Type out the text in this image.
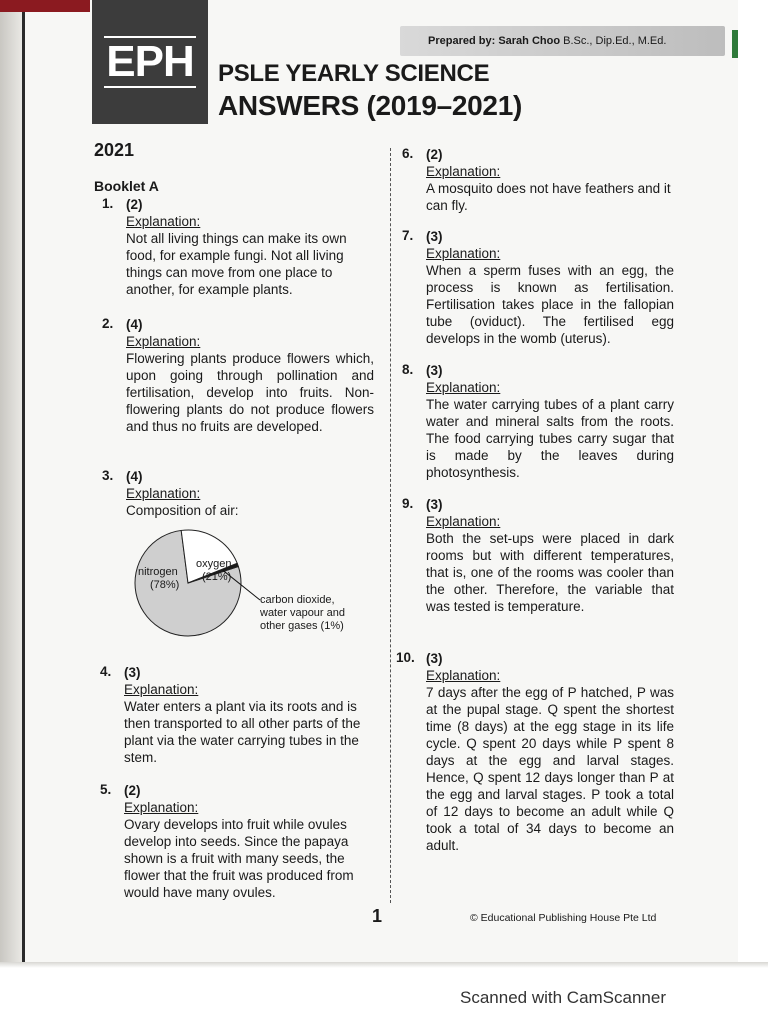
Prepared by: Sarah Choo B.Sc., Dip.Ed., M.Ed.
EPH PSLE YEARLY SCIENCE
ANSWERS (2019–2021)
2021
Booklet A
1. (2)
Explanation:
Not all living things can make its own food, for example fungi. Not all living things can move from one place to another, for example plants.
2. (4)
Explanation:
Flowering plants produce flowers which, upon going through pollination and fertilisation, develop into fruits. Non-flowering plants do not produce flowers and thus no fruits are developed.
3. (4)
Explanation:
Composition of air:
nitrogen
(78%)
oxygen
(21%)
carbon dioxide,
water vapour and
other gases (1%)
4. (3)
Explanation:
Water enters a plant via its roots and is then transported to all other parts of the plant via the water carrying tubes in the stem.
5. (2)
Explanation:
Ovary develops into fruit while ovules develop into seeds. Since the papaya shown is a fruit with many seeds, the flower that the fruit was produced from would have many ovules.
6. (2)
Explanation:
A mosquito does not have feathers and it can fly.
7. (3)
Explanation:
When a sperm fuses with an egg, the process is known as fertilisation. Fertilisation takes place in the fallopian tube (oviduct). The fertilised egg develops in the womb (uterus).
8. (3)
Explanation:
The water carrying tubes of a plant carry water and mineral salts from the roots. The food carrying tubes carry sugar that is made by the leaves during photosynthesis.
9. (3)
Explanation:
Both the set-ups were placed in dark rooms but with different temperatures, that is, one of the rooms was cooler than the other. Therefore, the variable that was tested is temperature.
10. (3)
Explanation:
7 days after the egg of P hatched, P was at the pupal stage. Q spent the shortest time (8 days) at the egg stage in its life cycle. Q spent 20 days while P spent 8 days at the egg and larval stages. Hence, Q spent 12 days longer than P at the egg and larval stages. P took a total of 12 days to become an adult while Q took a total of 34 days to become an adult.
1	© Educational Publishing House Pte Ltd
Scanned with CamScanner
